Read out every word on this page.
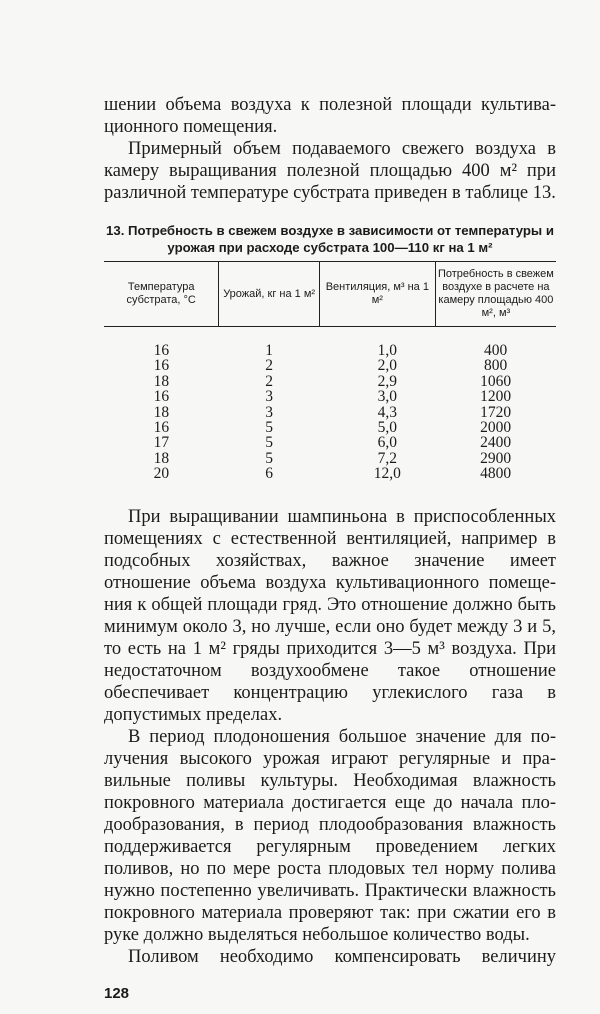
шении объема воздуха к полезной площади культивационного помещения.

Примерный объем подаваемого свежего воздуха в камеру выращивания полезной площадью 400 м² при различной температуре субстрата приведен в таблице 13.

13. Потребность в свежем воздухе в зависимости от температуры и урожая при расходе субстрата 100—110 кг на 1 м²
Температура субстрата, °C	Урожай, кг на 1 м²	Вентиляция, м³ на 1 м²	Потребность в свежем воздухе в расчете на камеру площадью 400 м², м³
16	1	1,0	400
16	2	2,0	800
18	2	2,9	1060
16	3	3,0	1200
18	3	4,3	1720
16	5	5,0	2000
17	5	6,0	2400
18	5	7,2	2900
20	6	12,0	4800

При выращивании шампиньона в приспособленных помещениях с естественной вентиляцией, например в подсобных хозяйствах, важное значение имеет отношение объема воздуха культивационного помещения к общей площади гряд. Это отношение должно быть минимум около 3, но лучше, если оно будет между 3 и 5, то есть на 1 м² гряды приходится 3—5 м³ воздуха. При недостаточном воздухообмене такое отношение обеспечивает концентрацию углекислого газа в допустимых пределах.

В период плодоношения большое значение для получения высокого урожая играют регулярные и правильные поливы культуры. Необходимая влажность покровного материала достигается еще до начала плодообразования, в период плодообразования влажность поддерживается регулярным проведением легких поливов, но по мере роста плодовых тел норму полива нужно постепенно увеличивать. Практически влажность покровного материала проверяют так: при сжатии его в руке должно выделяться небольшое количество воды.

Поливом необходимо компенсировать величину

128
